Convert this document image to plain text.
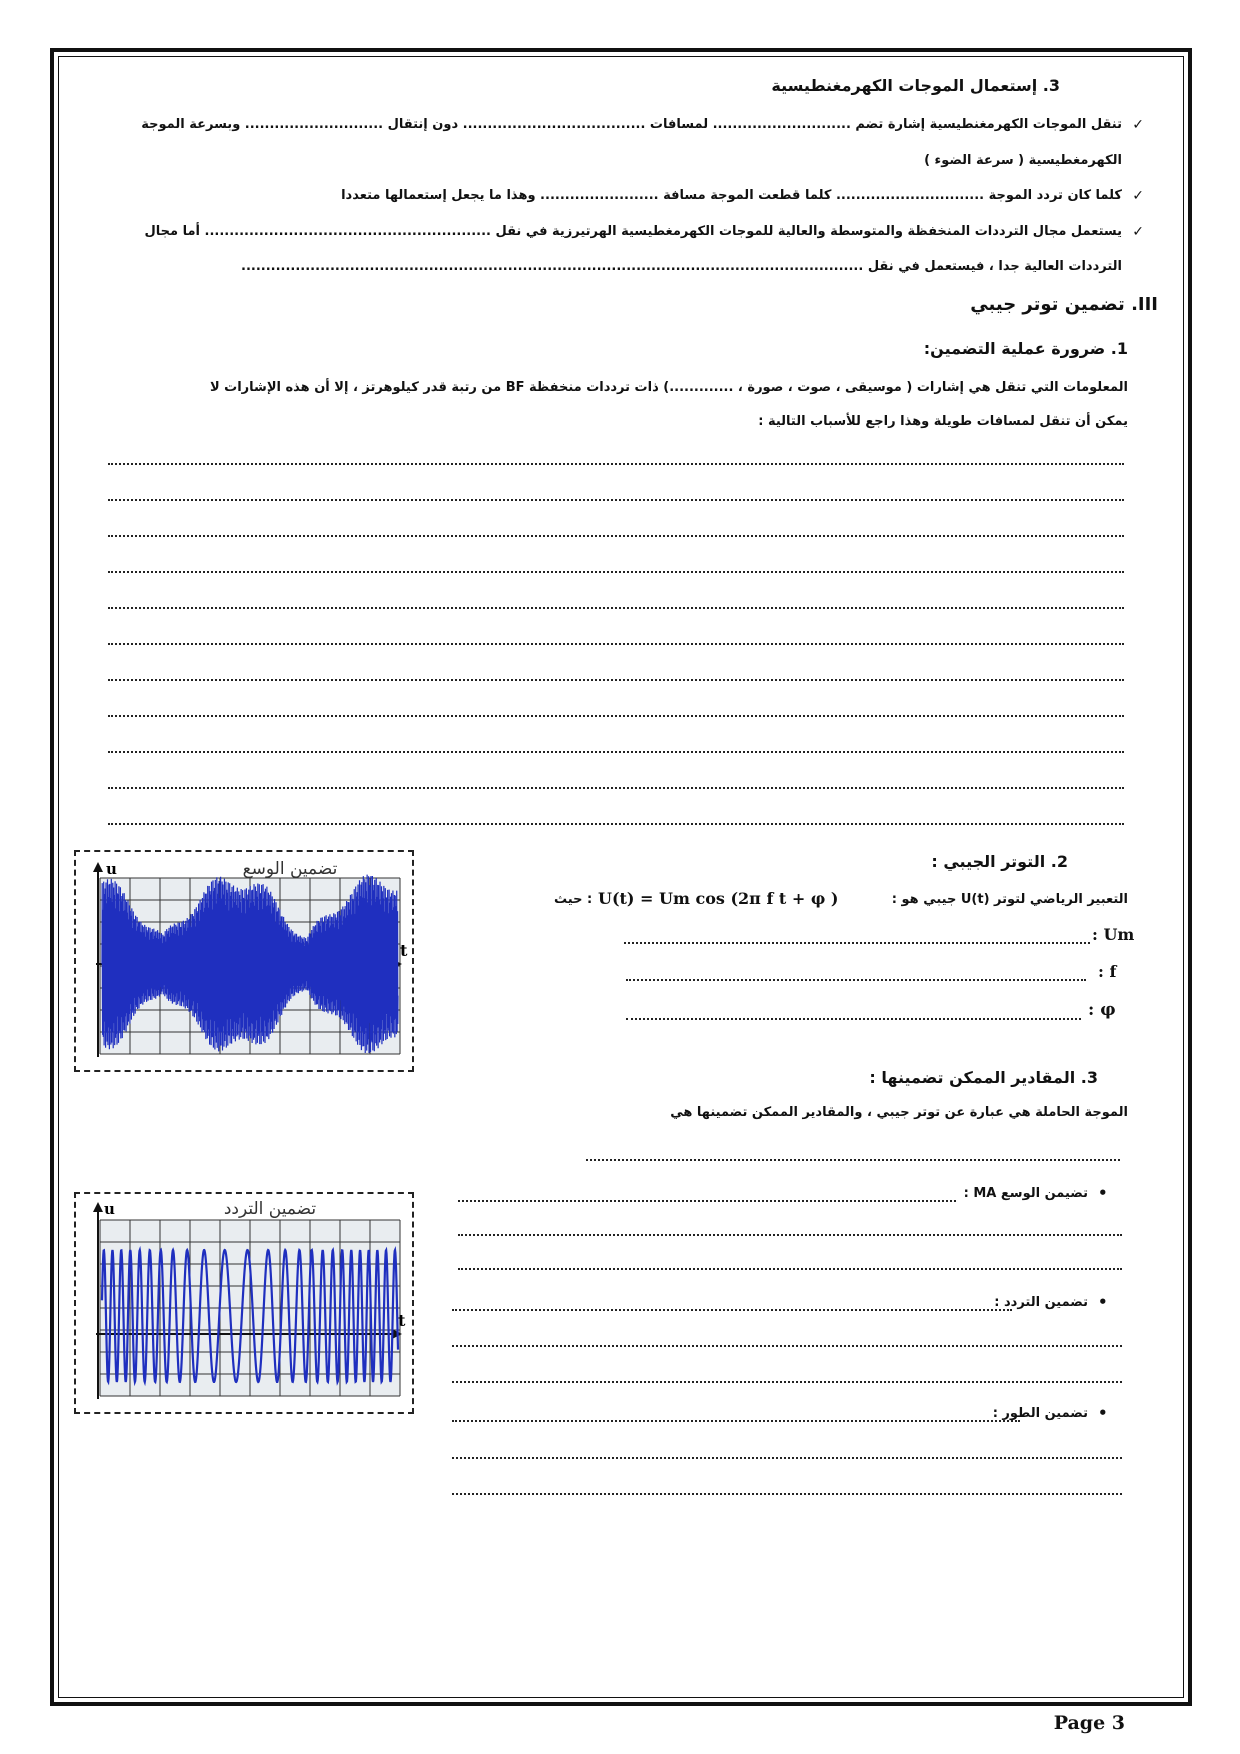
3. إستعمال الموجات الكهرمغنطيسية
✓
تنقل الموجات الكهرمغنطيسية إشارة تضم ............................ لمسافات ..................................... دون إنتقال ............................ وبسرعة الموجة
الكهرمغطيسية ( سرعة الضوء )
✓
كلما كان تردد الموجة .............................. كلما قطعت الموجة مسافة ........................ وهذا ما يجعل إستعمالها متعددا
✓
يستعمل مجال الترددات المنخفظة والمتوسطة والعالية للموجات الكهرمغطيسية الهرتيرزية في نقل .......................................................... أما مجال
الترددات العالية جدا ، فيستعمل في نقل ..............................................................................................................................
III. تضمين توتر جيبي
1. ضرورة عملية التضمين:
المعلومات التي تنقل هي إشارات ( موسيقى ، صوت ، صورة ، .............) ذات ترددات منخفظة BF من رتبة قدر كيلوهرتز ، إلا أن هذه الإشارات لا
يمكن أن تنقل لمسافات طويلة وهذا راجع للأسباب التالية :
2. التوتر الجيبي :
التعبير الرياضي لتوتر U(t) جيبي هو :
U(t) = Um cos (2π f t + φ )
: حيث
: Um
: f
: φ
3. المقادير الممكن تضمينها :
الموجة الحاملة هي عبارة عن توتر جيبي ، والمقادير الممكن تضمينها هي
•
تضيمن الوسع MA :
•
تضمين التردد :
•
تضمين الطور :
u
t
تضمين الوسع
u
t
تضمين التردد
Page 3
